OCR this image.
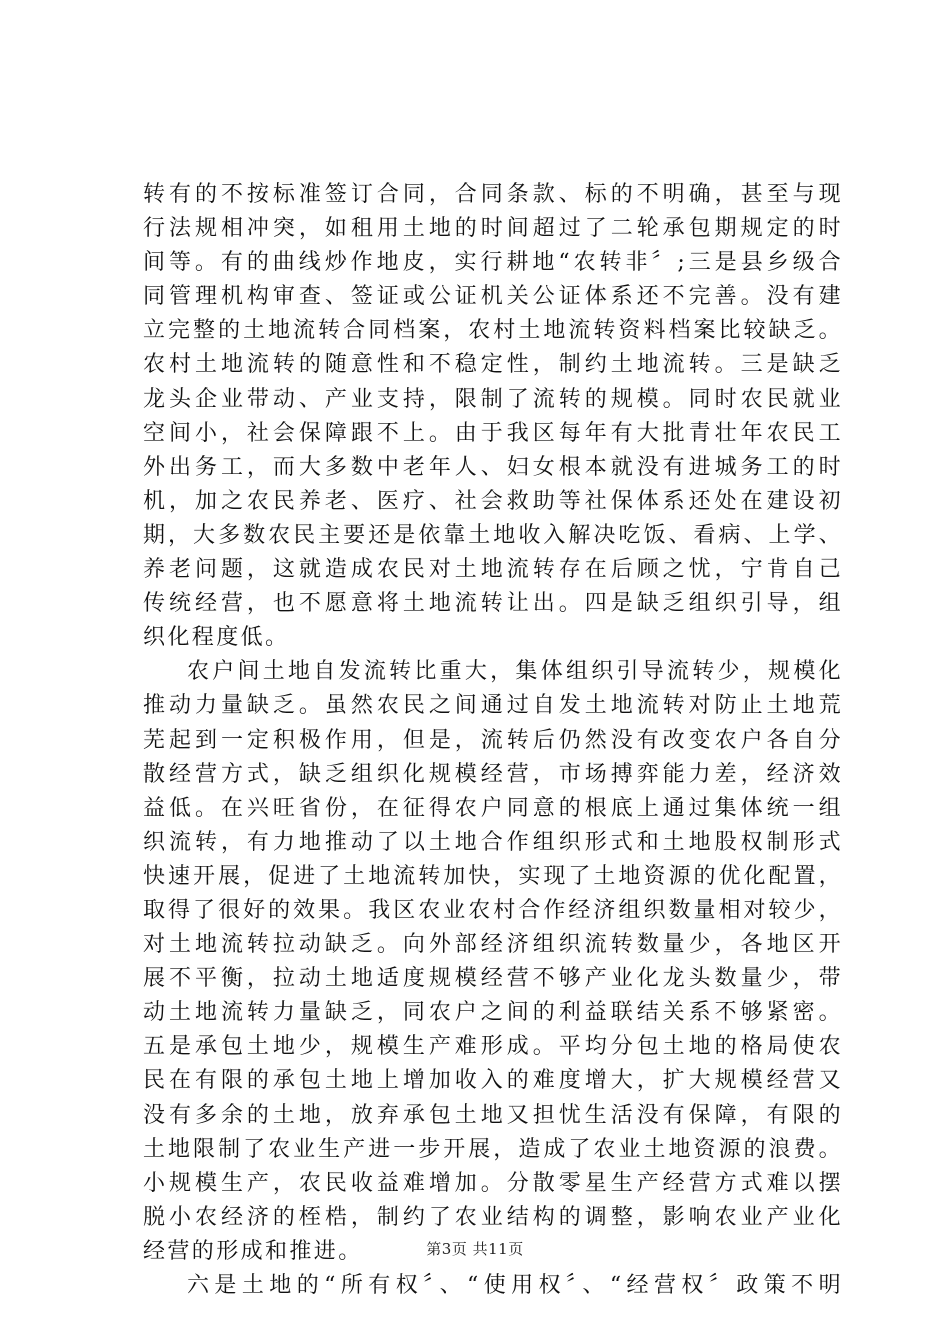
转有的不按标准签订合同，合同条款、标的不明确，甚至与现
行法规相冲突，如租用土地的时间超过了二轮承包期规定的时
间等。有的曲线炒作地皮，实行耕地“农转非〞;三是县乡级合
同管理机构审查、签证或公证机关公证体系还不完善。没有建
立完整的土地流转合同档案，农村土地流转资料档案比较缺乏。
农村土地流转的随意性和不稳定性，制约土地流转。三是缺乏
龙头企业带动、产业支持，限制了流转的规模。同时农民就业
空间小，社会保障跟不上。由于我区每年有大批青壮年农民工
外出务工，而大多数中老年人、妇女根本就没有进城务工的时
机，加之农民养老、医疗、社会救助等社保体系还处在建设初
期，大多数农民主要还是依靠土地收入解决吃饭、看病、上学、
养老问题，这就造成农民对土地流转存在后顾之忧，宁肯自己
传统经营，也不愿意将土地流转让出。四是缺乏组织引导，组
织化程度低。
农户间土地自发流转比重大，集体组织引导流转少，规模化
推动力量缺乏。虽然农民之间通过自发土地流转对防止土地荒
芜起到一定积极作用，但是，流转后仍然没有改变农户各自分
散经营方式，缺乏组织化规模经营，市场搏弈能力差，经济效
益低。在兴旺省份，在征得农户同意的根底上通过集体统一组
织流转，有力地推动了以土地合作组织形式和土地股权制形式
快速开展，促进了土地流转加快，实现了土地资源的优化配置，
取得了很好的效果。我区农业农村合作经济组织数量相对较少，
对土地流转拉动缺乏。向外部经济组织流转数量少，各地区开
展不平衡，拉动土地适度规模经营不够产业化龙头数量少，带
动土地流转力量缺乏，同农户之间的利益联结关系不够紧密。
五是承包土地少，规模生产难形成。平均分包土地的格局使农
民在有限的承包土地上增加收入的难度增大，扩大规模经营又
没有多余的土地，放弃承包土地又担忧生活没有保障，有限的
土地限制了农业生产进一步开展，造成了农业土地资源的浪费。
小规模生产，农民收益难增加。分散零星生产经营方式难以摆
脱小农经济的桎梏，制约了农业结构的调整，影响农业产业化
经营的形成和推进。
六是土地的“所有权〞、“使用权〞、“经营权〞政策不明
第3页 共11页
